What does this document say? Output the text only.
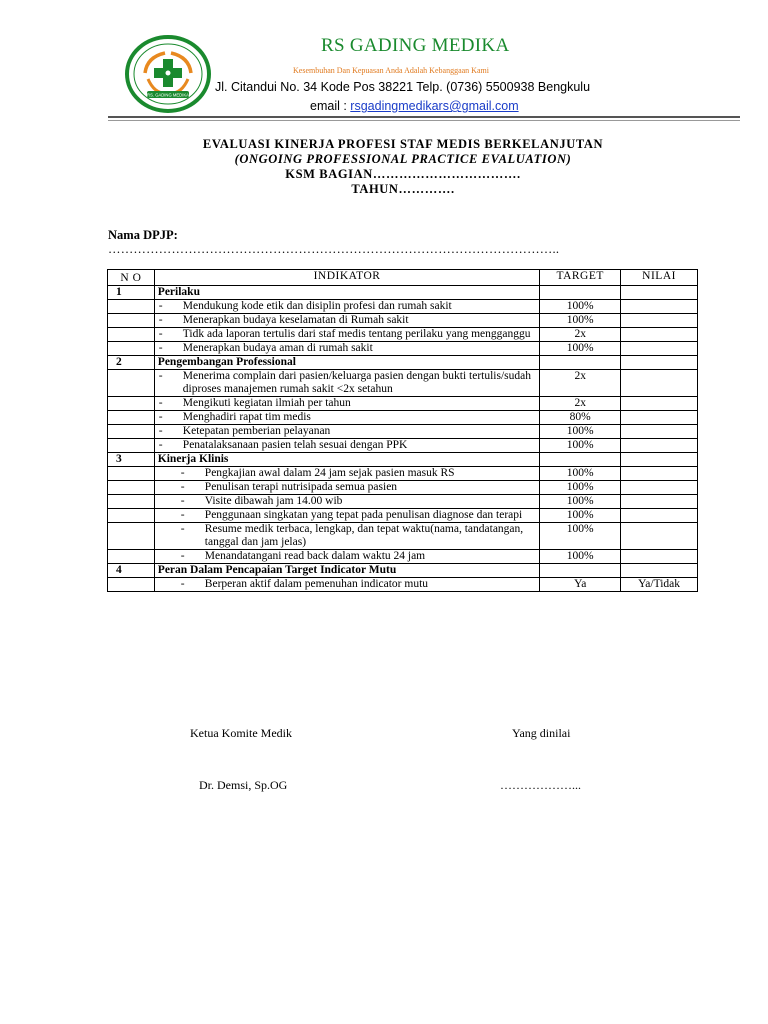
RS. GADING MEDIKA
RS GADING MEDIKA
Kesembuhan Dan Kepuasan Anda Adalah Kebanggaan Kami
Jl. Citandui No. 34 Kode Pos 38221 Telp. (0736) 5500938 Bengkulu
email : rsgadingmedikars@gmail.com
EVALUASI KINERJA PROFESI STAF MEDIS BERKELANJUTAN
(ONGOING PROFESSIONAL PRACTICE EVALUATION)
KSM BAGIAN…………………………….
TAHUN………….
Nama DPJP:
……………………………………………………………………………………………..
N O	INDIKATOR	TARGET	NILAI
1	Perilaku		

	- Mendukung kode etik dan disiplin profesi dan rumah sakit	100%	

	- Menerapkan budaya keselamatan di Rumah sakit	100%	

	- Tidk ada laporan tertulis dari staf medis tentang perilaku yang mengganggu	2x	

	- Menerapkan budaya aman di rumah sakit	100%	
2	Pengembangan Professional		

	- Menerima complain dari pasien/keluarga pasien dengan bukti tertulis/sudah diproses manajemen rumah sakit <2x setahun	2x	

	- Mengikuti kegiatan ilmiah per tahun	2x	

	- Menghadiri rapat tim medis	80%	

	- Ketepatan pemberian pelayanan	100%	

	- Penatalaksanaan pasien telah sesuai dengan PPK	100%	
3	Kinerja Klinis		

	- Pengkajian awal dalam 24 jam sejak pasien masuk RS	100%	

	- Penulisan terapi nutrisipada semua pasien	100%	

	- Visite dibawah jam 14.00 wib	100%	

	- Penggunaan singkatan yang tepat pada penulisan diagnose dan terapi	100%	

	- Resume medik terbaca, lengkap, dan tepat waktu(nama, tandatangan, tanggal dan jam jelas)	100%	

	- Menandatangani read back dalam waktu 24 jam	100%	
4	Peran Dalam Pencapaian Target Indicator Mutu		

	- Berperan aktif dalam pemenuhan indicator mutu	Ya	Ya/Tidak
Ketua Komite Medik	Yang dinilai
Dr. Demsi, Sp.OG	………………...
